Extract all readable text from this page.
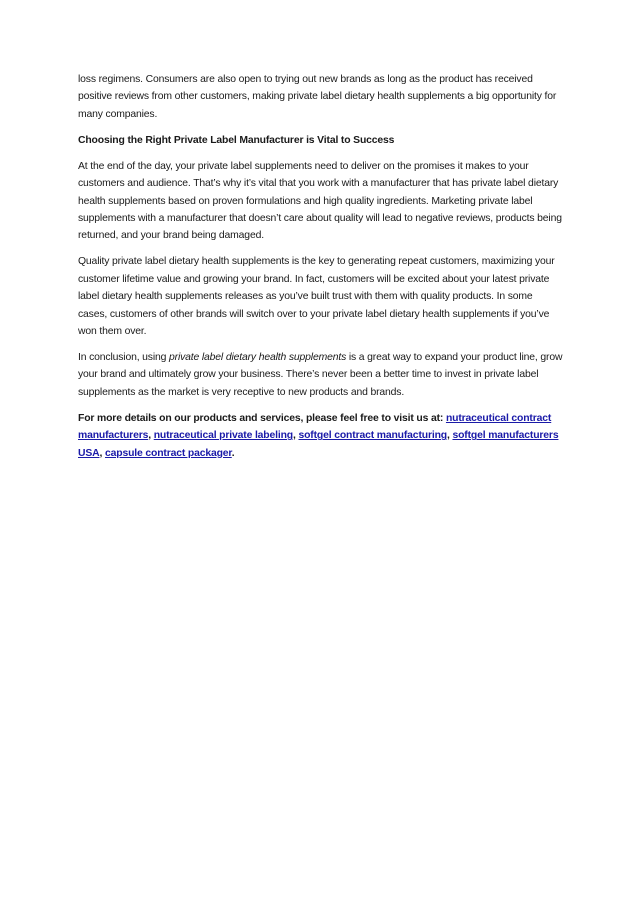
loss regimens. Consumers are also open to trying out new brands as long as the product has received positive reviews from other customers, making private label dietary health supplements a big opportunity for many companies.

Choosing the Right Private Label Manufacturer is Vital to Success

At the end of the day, your private label supplements need to deliver on the promises it makes to your customers and audience. That’s why it’s vital that you work with a manufacturer that has private label dietary health supplements based on proven formulations and high quality ingredients. Marketing private label supplements with a manufacturer that doesn’t care about quality will lead to negative reviews, products being returned, and your brand being damaged.

Quality private label dietary health supplements is the key to generating repeat customers, maximizing your customer lifetime value and growing your brand. In fact, customers will be excited about your latest private label dietary health supplements releases as you’ve built trust with them with quality products. In some cases, customers of other brands will switch over to your private label dietary health supplements if you’ve won them over.

In conclusion, using private label dietary health supplements is a great way to expand your product line, grow your brand and ultimately grow your business. There’s never been a better time to invest in private label supplements as the market is very receptive to new products and brands.

For more details on our products and services, please feel free to visit us at: nutraceutical contract manufacturers, nutraceutical private labeling, softgel contract manufacturing, softgel manufacturers USA, capsule contract packager.
